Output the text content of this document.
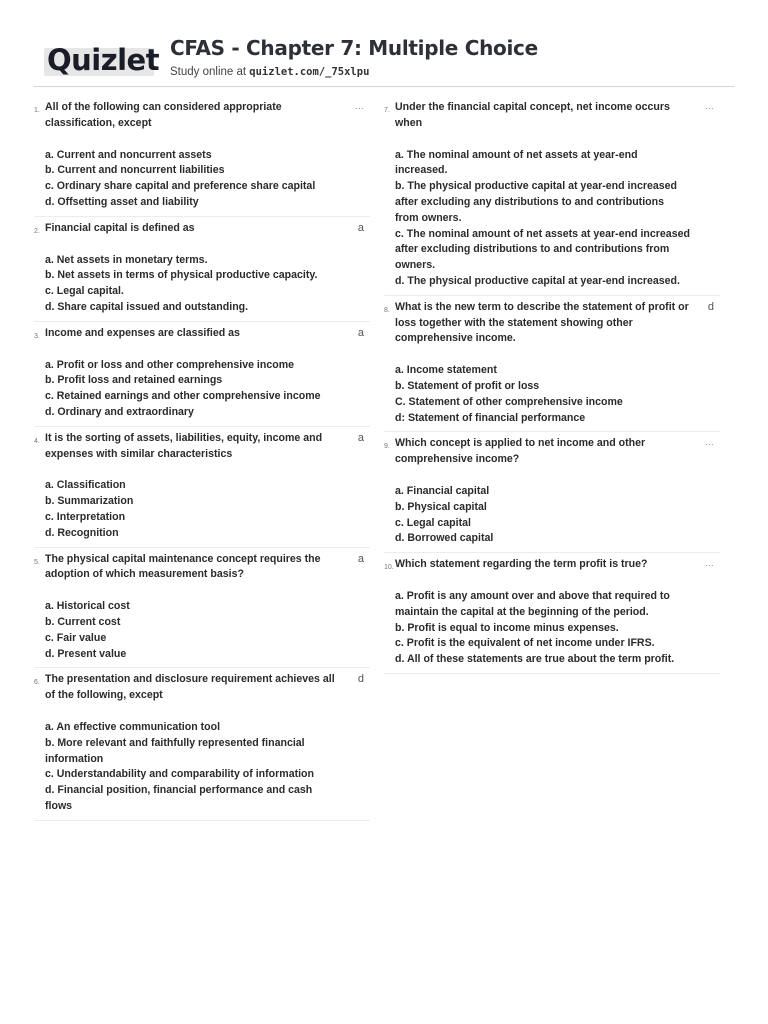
Quizlet CFAS - Chapter 7: Multiple Choice
Study online at quizlet.com/_75xlpu
1. All of the following can considered appropriate classification, except
a. Current and noncurrent assets
b. Current and noncurrent liabilities
c. Ordinary share capital and preference share capital
d. Offsetting asset and liability
...
2. Financial capital is defined as
a. Net assets in monetary terms.
b. Net assets in terms of physical productive capacity.
c. Legal capital.
d. Share capital issued and outstanding.
a
3. Income and expenses are classified as
a. Profit or loss and other comprehensive income
b. Profit loss and retained earnings
c. Retained earnings and other comprehensive income
d. Ordinary and extraordinary
a
4. It is the sorting of assets, liabilities, equity, income and expenses with similar characteristics
a. Classification
b. Summarization
c. Interpretation
d. Recognition
a
5. The physical capital maintenance concept requires the adoption of which measurement basis?
a. Historical cost
b. Current cost
c. Fair value
d. Present value
a
6. The presentation and disclosure requirement achieves all of the following, except
a. An effective communication tool
b. More relevant and faithfully represented financial information
c. Understandability and comparability of information
d. Financial position, financial performance and cash flows
d
7. Under the financial capital concept, net income occurs when
a. The nominal amount of net assets at year-end increased.
b. The physical productive capital at year-end increased after excluding any distributions to and contributions from owners.
c. The nominal amount of net assets at year-end increased after excluding distributions to and contributions from owners.
d. The physical productive capital at year-end increased.
...
8. What is the new term to describe the statement of profit or loss together with the statement showing other comprehensive income.
a. Income statement
b. Statement of profit or loss
C. Statement of other comprehensive income
d: Statement of financial performance
d
9. Which concept is applied to net income and other comprehensive income?
a. Financial capital
b. Physical capital
c. Legal capital
d. Borrowed capital
...
10. Which statement regarding the term profit is true?
a. Profit is any amount over and above that required to maintain the capital at the beginning of the period.
b. Profit is equal to income minus expenses.
c. Profit is the equivalent of net income under IFRS.
d. All of these statements are true about the term profit.
...
